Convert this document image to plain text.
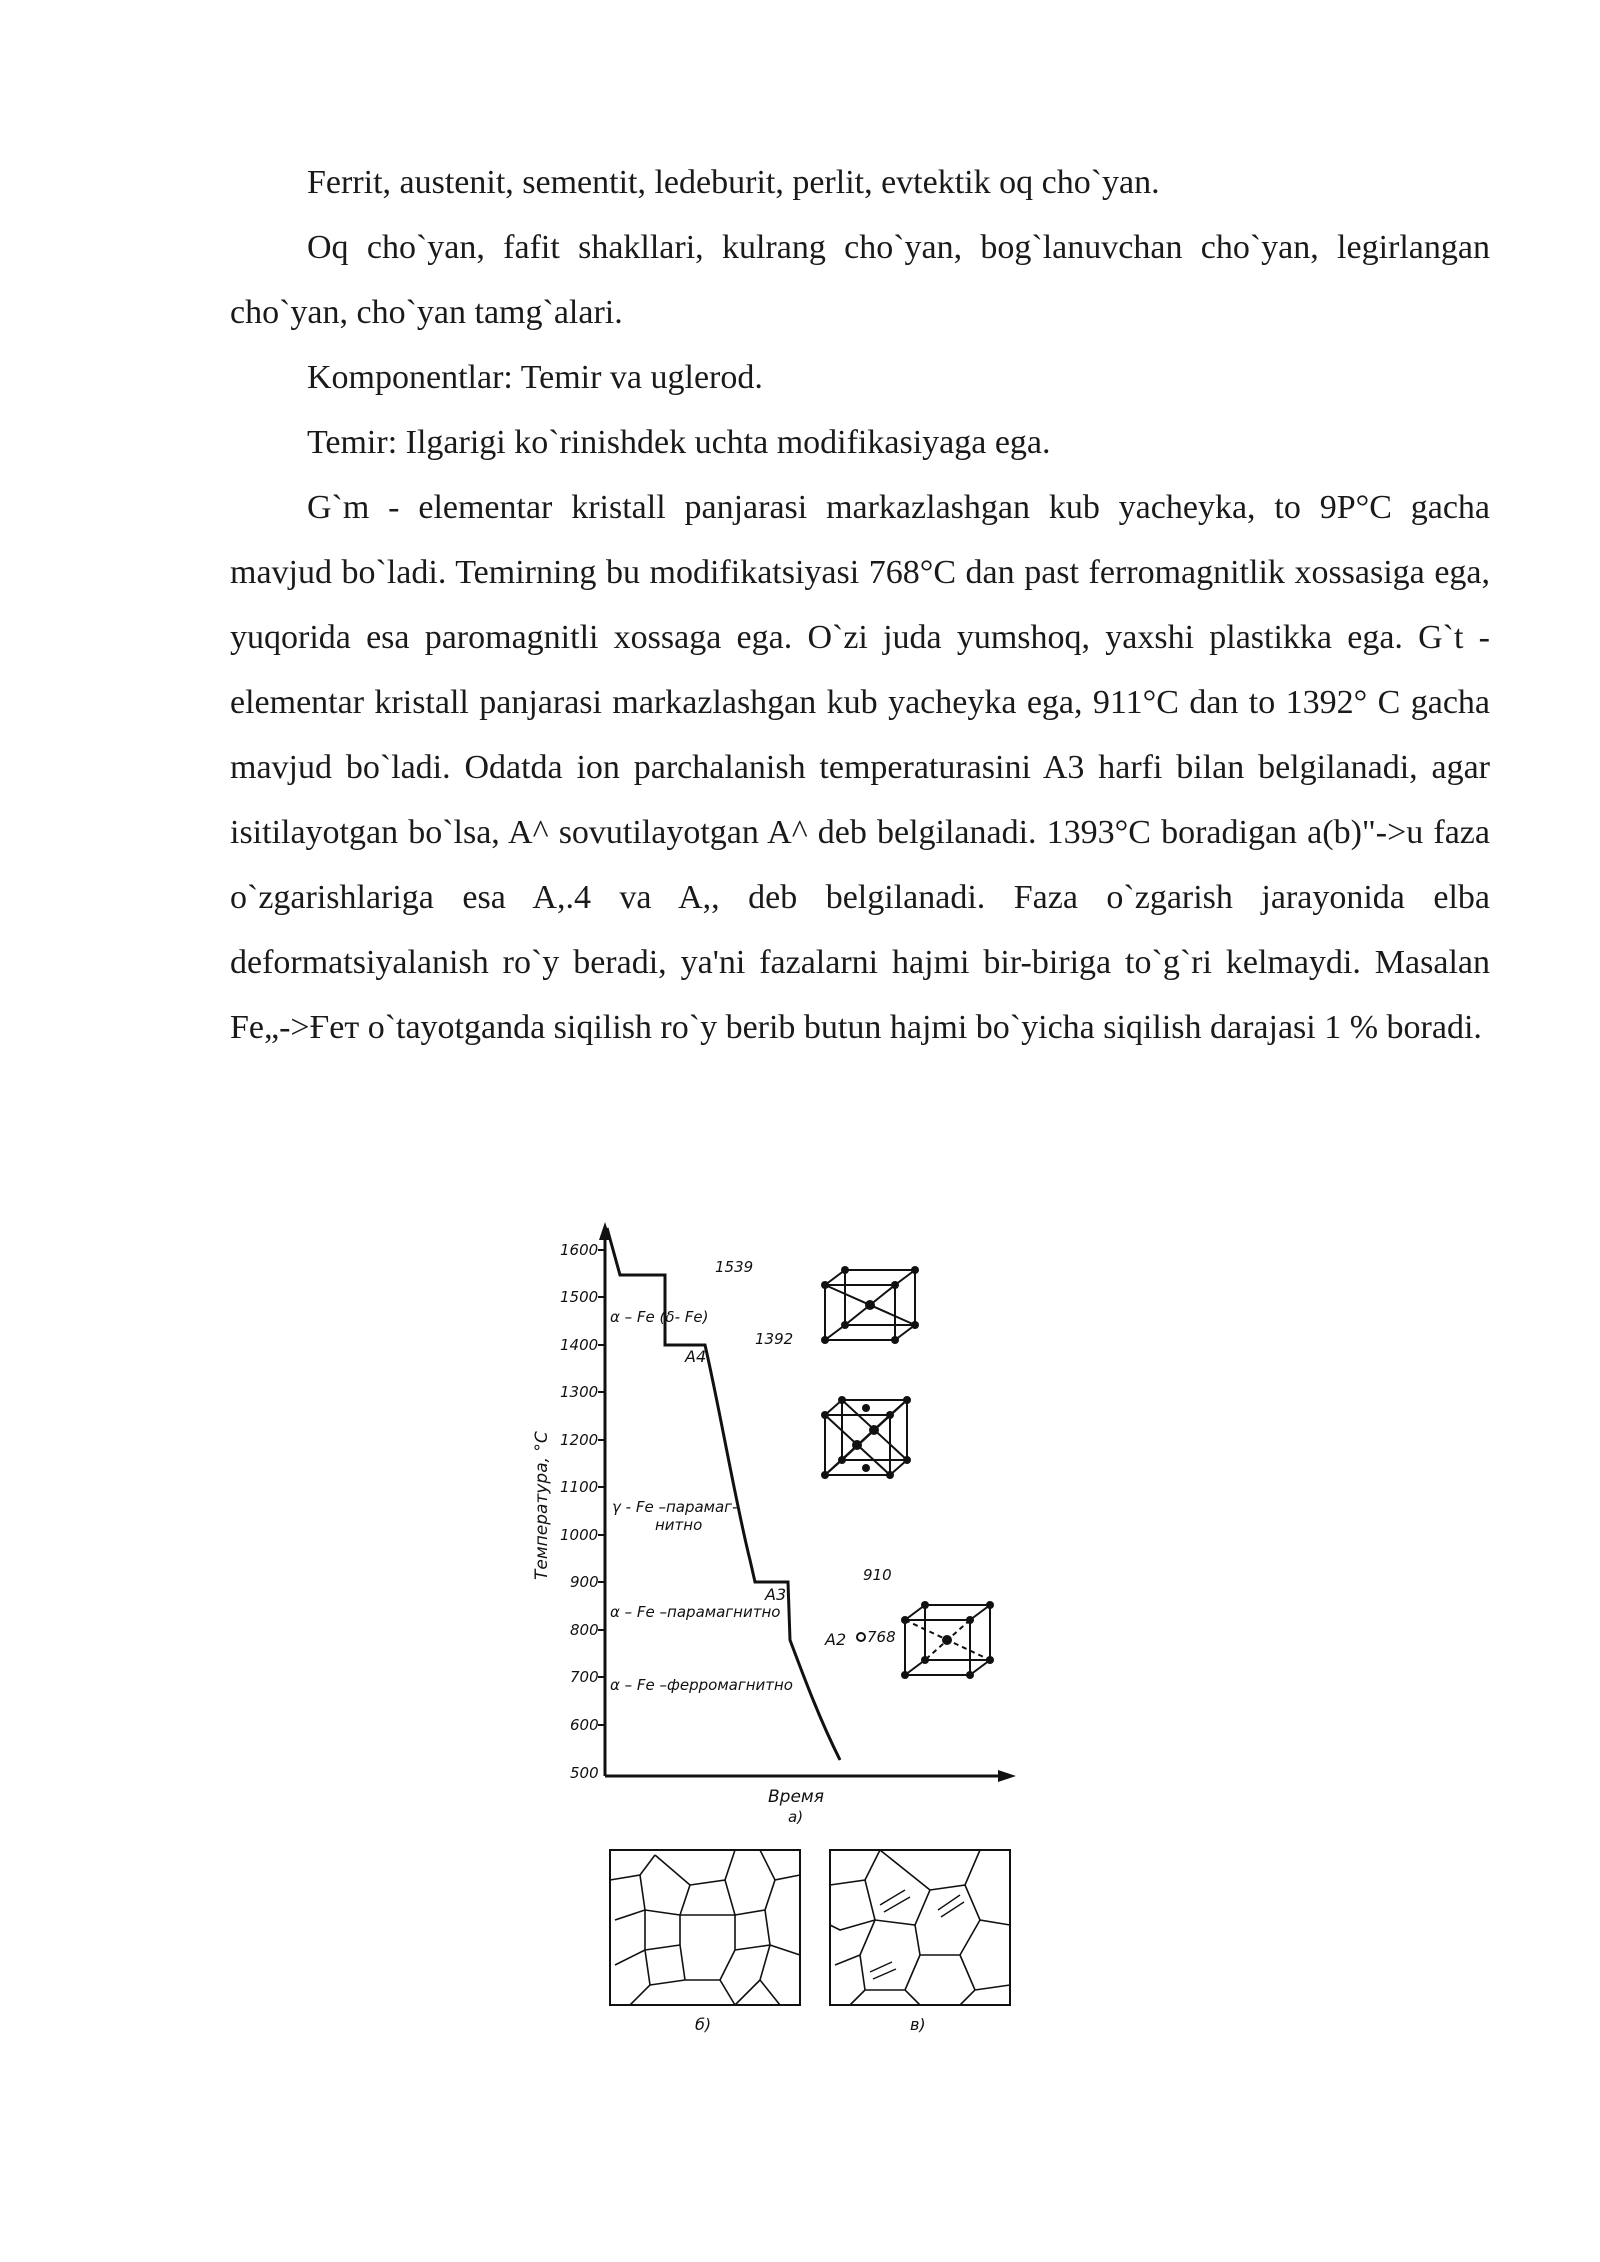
Ferrit, austenit, sementit, ledeburit, perlit, evtektik oq cho`yan.

Oq cho`yan, fafit shakllari, kulrang cho`yan, bog`lanuvchan cho`yan, legirlangan cho`yan, cho`yan tamg`alari.

Komponentlar: Temir va uglerod.

Temir: Ilgarigi ko`rinishdek uchta modifikasiyaga ega.

G`m - elementar kristall panjarasi markazlashgan kub yacheyka, to 9P°C gacha mavjud bo`ladi. Temirning bu modifikatsiyasi 768°C dan past ferromagnitlik xossasiga ega, yuqorida esa paromagnitli xossaga ega. O`zi juda yumshoq, yaxshi plastikka ega. G`t - elementar kristall panjarasi markazlashgan kub yacheyka ega, 911°C dan to 1392° C gacha mavjud bo`ladi. Odatda ion parchalanish temperaturasini A3 harfi bilan belgilanadi, agar isitilayotgan bo`lsa, A^ sovutilayotgan A^ deb belgilanadi. 1393°C boradigan a(b)"->u faza o`zgarishlariga esa A,.4 va A,, deb belgilanadi. Faza o`zgarish jarayonida elba deformatsiyalanish ro`y beradi, ya'ni fazalarni hajmi bir-biriga to`g`ri kelmaydi. Masalan Fe„->Ғет o`tayotganda siqilish ro`y berib butun hajmi bo`yicha siqilish darajasi 1 % boradi.

1600
1500
1400
1300
1200
1100
1000
900
800
700
600
500
Температура, °C
1539
1392
910
768
A4
A3
A2
α – Fe (δ- Fe)
γ - Fe –парамаг-
нитно
α – Fe –парамагнитно
α – Fe –ферромагнитно
Время
a)
б)	в)
